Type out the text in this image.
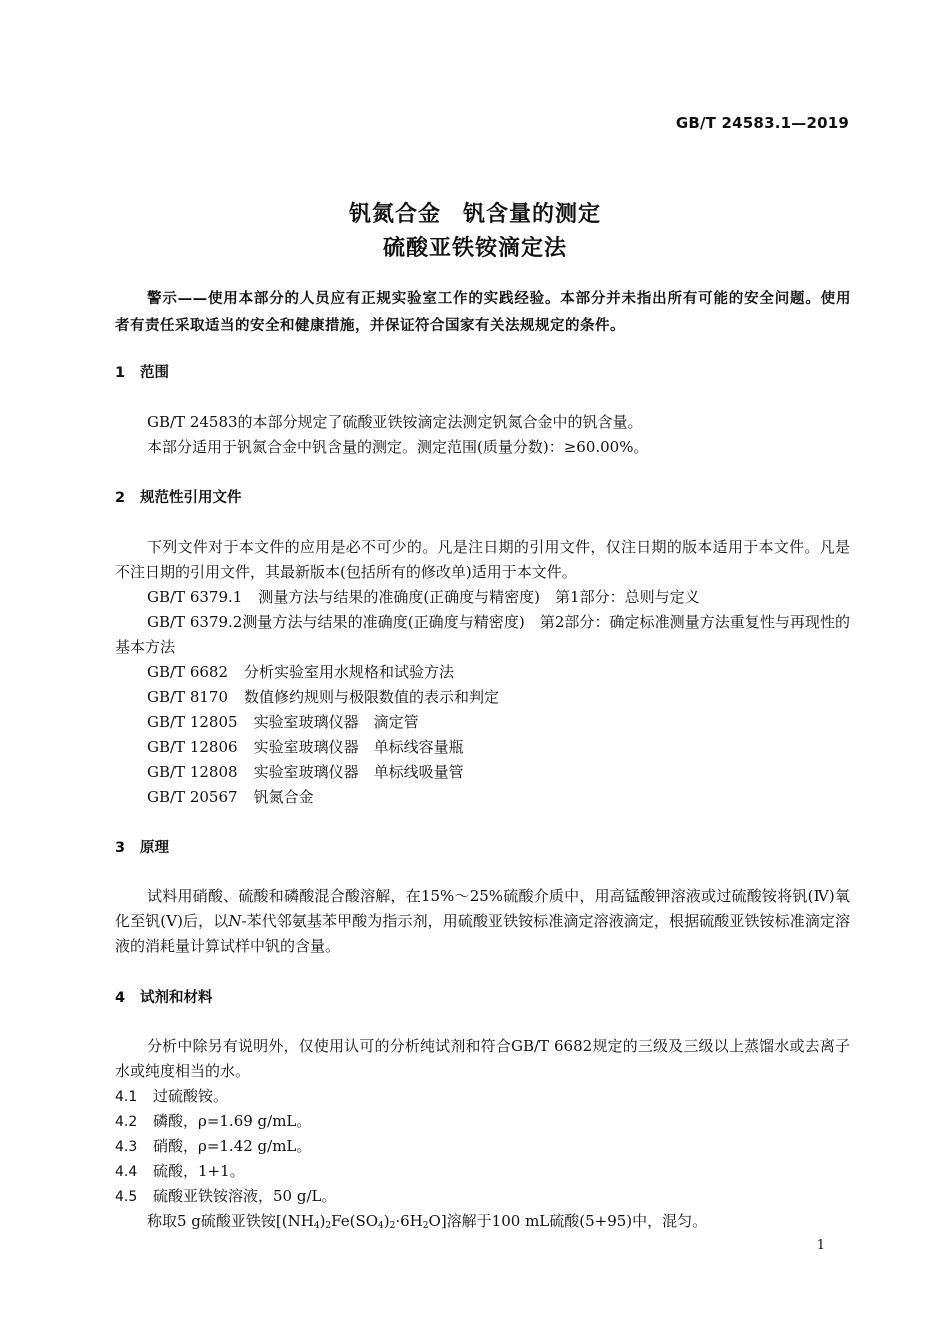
GB/T 24583.1—2019
钒氮合金 钒含量的测定
硫酸亚铁铵滴定法
警示——使用本部分的人员应有正规实验室工作的实践经验。本部分并未指出所有可能的安全问题。使用者有责任采取适当的安全和健康措施，并保证符合国家有关法规规定的条件。
1 范围
GB/T 24583的本部分规定了硫酸亚铁铵滴定法测定钒氮合金中的钒含量。
本部分适用于钒氮合金中钒含量的测定。测定范围(质量分数)：≥60.00%。
2 规范性引用文件
下列文件对于本文件的应用是必不可少的。凡是注日期的引用文件，仅注日期的版本适用于本文件。凡是不注日期的引用文件，其最新版本(包括所有的修改单)适用于本文件。
GB/T 6379.1 测量方法与结果的准确度(正确度与精密度)　第1部分：总则与定义
GB/T 6379.2测量方法与结果的准确度(正确度与精密度)　第2部分：确定标准测量方法重复性与再现性的基本方法
GB/T 6682 分析实验室用水规格和试验方法
GB/T 8170 数值修约规则与极限数值的表示和判定
GB/T 12805 实验室玻璃仪器　滴定管
GB/T 12806 实验室玻璃仪器　单标线容量瓶
GB/T 12808 实验室玻璃仪器　单标线吸量管
GB/T 20567 钒氮合金
3 原理
试料用硝酸、硫酸和磷酸混合酸溶解，在15%～25%硫酸介质中，用高锰酸钾溶液或过硫酸铵将钒(Ⅳ)氧化至钒(Ⅴ)后，以N-苯代邻氨基苯甲酸为指示剂，用硫酸亚铁铵标准滴定溶液滴定，根据硫酸亚铁铵标准滴定溶液的消耗量计算试样中钒的含量。
4 试剂和材料
分析中除另有说明外，仅使用认可的分析纯试剂和符合GB/T 6682规定的三级及三级以上蒸馏水或去离子水或纯度相当的水。
4.1 过硫酸铵。
4.2 磷酸，ρ=1.69 g/mL。
4.3 硝酸，ρ=1.42 g/mL。
4.4 硫酸，1+1。
4.5 硫酸亚铁铵溶液，50 g/L。
称取5 g硫酸亚铁铵$[(NH_4)_2Fe(SO_4)_2\cdot 6H_2O]$溶解于100 mL硫酸(5+95)中，混匀。
1
